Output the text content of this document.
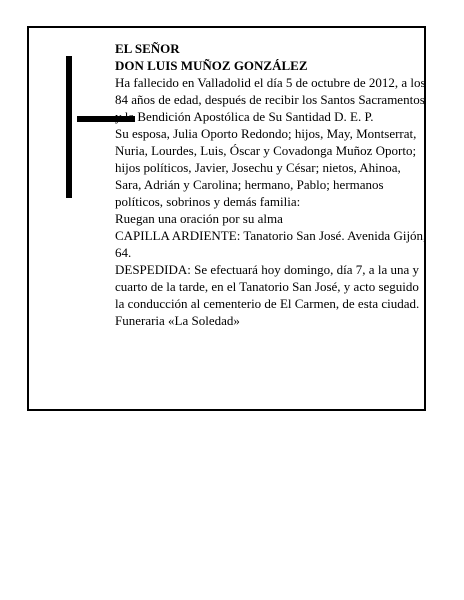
EL SEÑOR

DON LUIS MUÑOZ GONZÁLEZ

Ha fallecido en Valladolid el día 5 de octubre de 2012, a los 84 años de edad, después de recibir los Santos Sacramentos y la Bendición Apostólica de Su Santidad D. E. P.

Su esposa, Julia Oporto Redondo; hijos, May, Montserrat, Nuria, Lourdes, Luis, Óscar y Covadonga Muñoz Oporto; hijos políticos, Javier, Josechu y César; nietos, Ahinoa, Sara, Adrián y Carolina; hermano, Pablo; hermanos políticos, sobrinos y demás familia:

Ruegan una oración por su alma

CAPILLA ARDIENTE: Tanatorio San José. Avenida Gijón, 64.

DESPEDIDA: Se efectuará hoy domingo, día 7, a la una y cuarto de la tarde, en el Tanatorio San José, y acto seguido la conducción al cementerio de El Carmen, de esta ciudad.

Funeraria «La Soledad»
